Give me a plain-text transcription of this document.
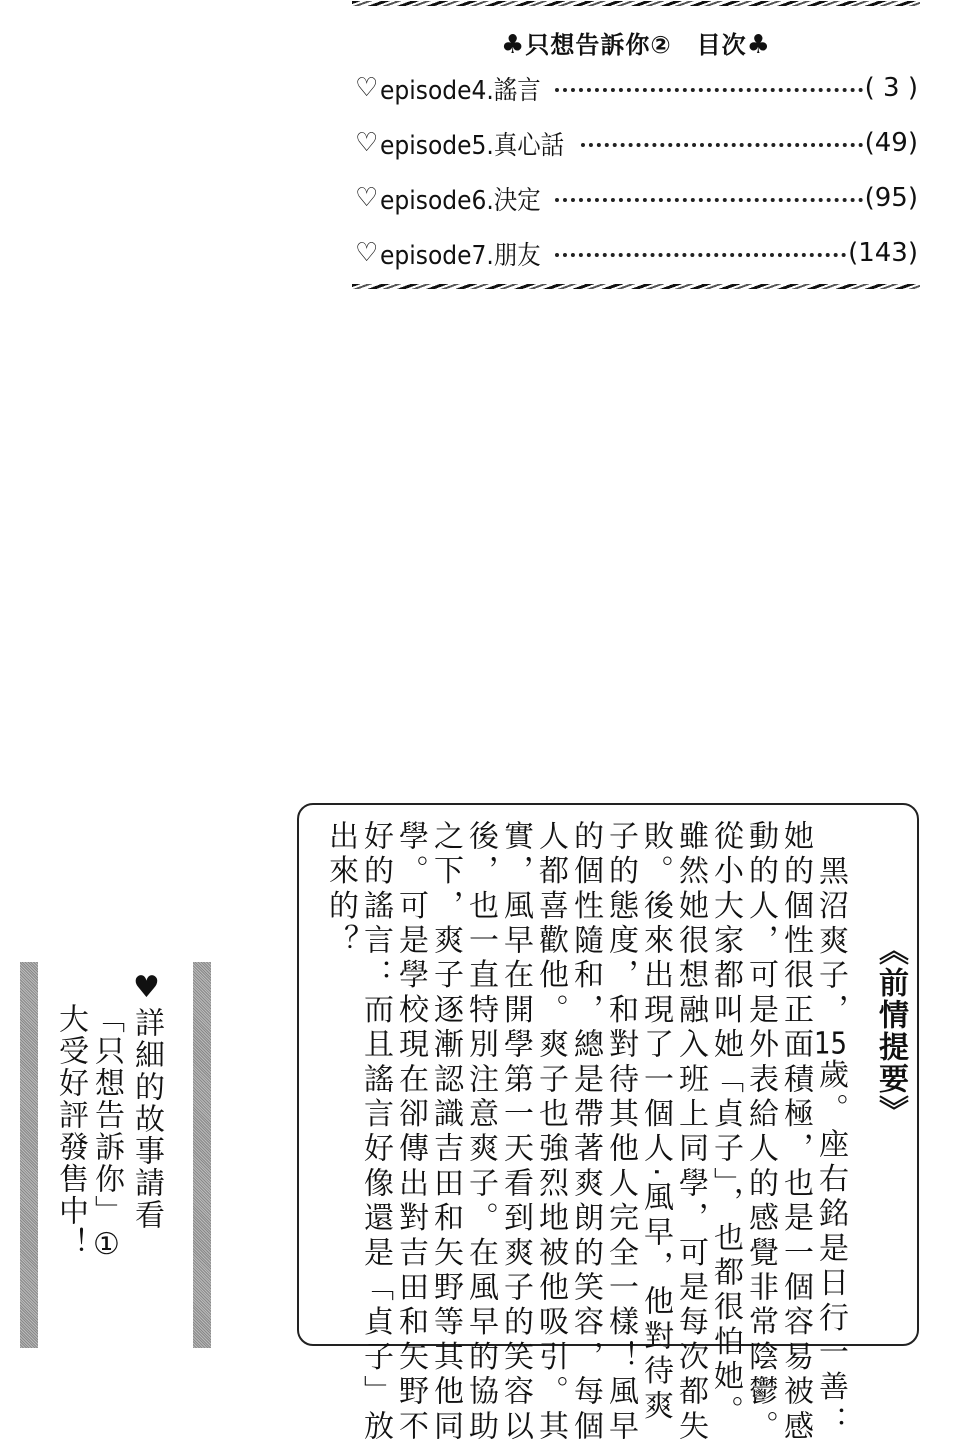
♣只想告訴你②　目次♣
♡ episode4.謠言	( 3 )
♡ episode5.真心話	(49)
♡ episode6.決定	(95)
♡ episode7.朋友	(143)
《前情提要》
黑沼爽子，15歲。座右銘是日行一善：
她的個性很正面積極，也是一個容易被感
動的人，可是外表給人的感覺非常陰鬱。
從小大家都叫她「貞子」，也都很怕她。
雖然她很想融入班上同學，可是每次都失
敗。後來出現了一個人‧風早，他對待爽
子的態度，和對待其他人完全一樣！風早
的個性隨和，總是帶著爽朗的笑容，每個
人都喜歡他。爽子也強烈地被他吸引。其
實，風早在開學第一天看到爽子的笑容以
後，也一直特別注意爽子。在風早的協助
之下，爽子逐漸認識吉田和矢野等其他同
學。可是學校現在卻傳出對吉田和矢野不
好的謠言：而且謠言好像還是「貞子」放
出來的？
♥詳細的故事請看
「只想告訴你」①
大受好評發售中！
